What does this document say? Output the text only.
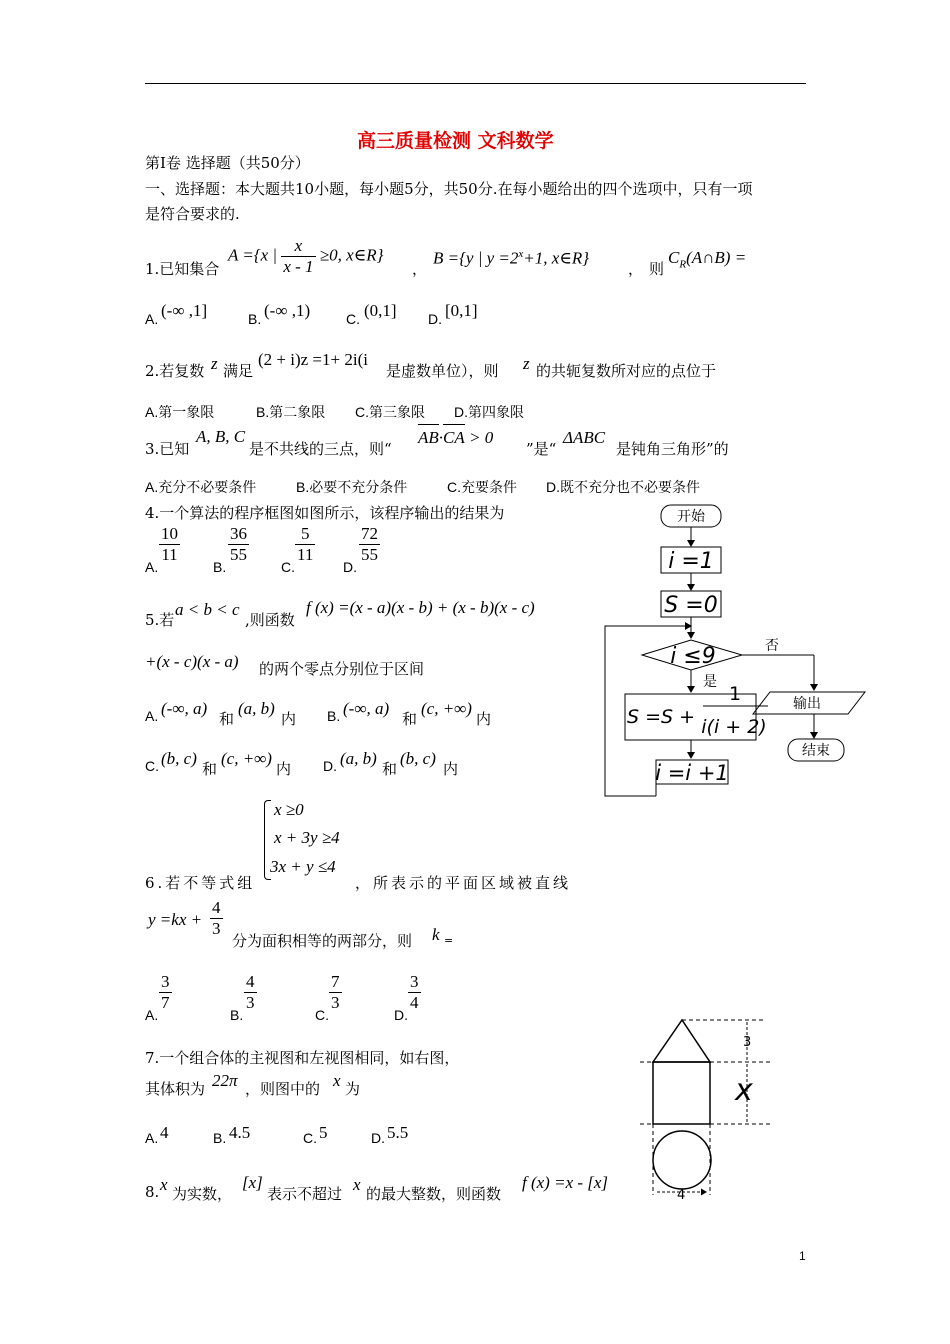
高三质量检测 文科数学
第Ⅰ卷 选择题（共50分）
一、选择题：本大题共10小题，每小题5分，共50分.在每小题给出的四个选项中，只有一项
是符合要求的.
1.已知集合
A ={x | $\frac{x}{x - 1} \ge 0$, x∈R}
，
B ={y | $y =2^x+1$, x∈R}
， 则
$C_R(A\cap B)$ =
A. (-∞ ,1]	B. (-∞ ,1)	C. (0,1] D. [0,1]
2.若复数 z 满足
(2 + i)z =1+ 2i(i
是虚数单位），则 z 的共轭复数所对应的点位于
A.第一象限	B.第二象限 C.第三象限 D.第四象限
3.已知
A, B, C
是不共线的三点，则“
AB·
CA > 0
”是“
ΔABC
是钝角三角形”的
A.充分不必要条件	B.必要不充分条件	C.充要条件 D.既不充分也不必要条件
4.一个算法的程序框图如图所示，该程序输出的结果为
A.
$\frac{10}{11}$
B.
$\frac{36}{55}$
C.
$\frac{5}{11}$
D.
$\frac{72}{55}$
开始
i =1
S =0
i ≤9	否
是
S =S +
1
i(i + 2)
i =i +1
输出
结束
5.若
a < b < c
,则函数
f (x) =(x - a)(x - b) + (x - b)(x - c)
+(x - c)(x - a) 的两个零点分别位于区间
A. (-∞, a)
和
(a, b)
内 B. (-∞, a)
和
(c, +∞)
内
C. (b, c)
和
(c, +∞)
内 D. (a, b)
和
(b, c)
内
x ≥0
x + 3y ≥4
3x + y ≤4
6.若不等式组	，所表示的平面区域被直线
$y =kx + \frac{4}{3}$
分为面积相等的两部分，则 k =
A.
$\frac{3}{7}$
B.
$\frac{4}{3}$
C.
$\frac{7}{3}$
D.
$\frac{3}{4}$
7.一个组合体的主视图和左视图相同，如右图，
其体积为 22π ，则图中的 x 为
A. 4	B. 4.5	C. 5	D. 5.5
3
x
4
8. x 为实数，
[x]
表示不超过 x 的最大整数，则函数
f (x) =x - [x]
1
